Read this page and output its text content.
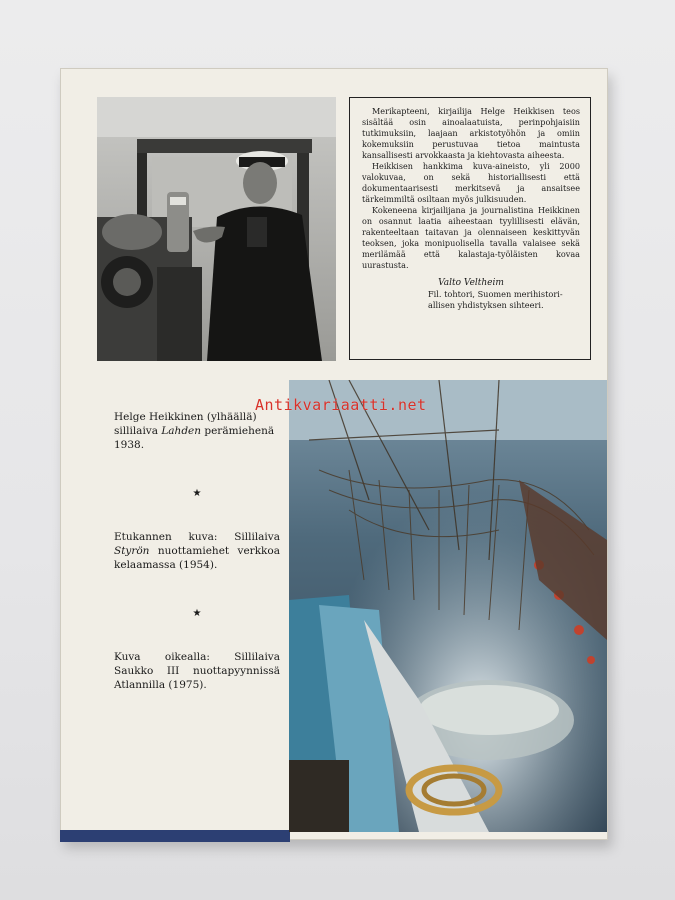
Merikapteeni, kirjailija Helge Heikkisen teos sisältää osin ainoalaatuista, perinpohjaisiin tutkimuksiin, laajaan arkistotyöhön ja omiin kokemuksiin perustuvaa tietoa maintusta kansallisesti arvokkaasta ja kiehtovasta aiheesta.

Heikkisen hankkima kuva-aineisto, yli 2000 valokuvaa, on sekä historiallisesti että dokumentaarisesti merkitsevä ja ansaitsee tärkeimmiltä osiltaan myös julkisuuden.

Kokeneena kirjailijana ja journalistina Heikkinen on osannut laatia aiheestaan tyylillisesti elävän, rakenteeltaan taitavan ja olennaiseen keskittyvän teoksen, joka monipuolisella tavalla valaisee sekä merilämää että kalastaja-työläisten kovaa uurastusta.

Valto Veltheim
Fil. tohtori, Suomen merihistori-
allisen yhdistyksen sihteeri.

Helge Heikkinen (ylhäällä) sillilaiva Lahden perämiehenä 1938.

★

Etukannen kuva: Sillilaiva Styrön nuottamiehet verkkoa kelaamassa (1954).

★

Kuva oikealla: Sillilaiva Saukko III nuottapyynnissä Atlannilla (1975).

Antikvariaatti.net
